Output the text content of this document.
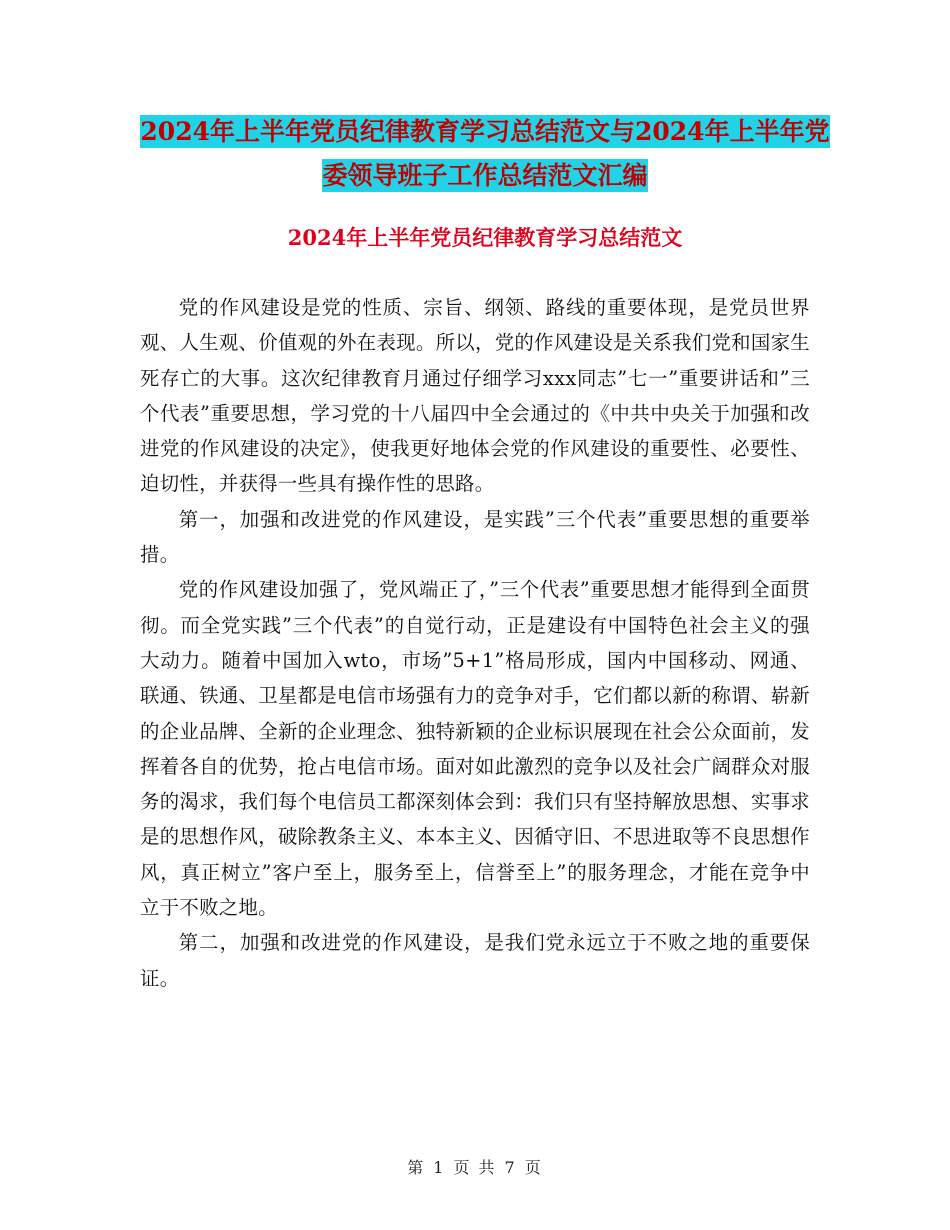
2024年上半年党员纪律教育学习总结范文与2024年上半年党委领导班子工作总结范文汇编
2024年上半年党员纪律教育学习总结范文

党的作风建设是党的性质、宗旨、纲领、路线的重要体现，是党员世界观、人生观、价值观的外在表现。所以，党的作风建设是关系我们党和国家生死存亡的大事。这次纪律教育月通过仔细学习xxx同志”七一”重要讲话和”三个代表”重要思想，学习党的十八届四中全会通过的《中共中央关于加强和改进党的作风建设的决定》，使我更好地体会党的作风建设的重要性、必要性、迫切性，并获得一些具有操作性的思路。

第一，加强和改进党的作风建设，是实践”三个代表”重要思想的重要举措。

党的作风建设加强了，党风端正了，”三个代表”重要思想才能得到全面贯彻。而全党实践”三个代表”的自觉行动，正是建设有中国特色社会主义的强大动力。随着中国加入wto，市场”5+1”格局形成，国内中国移动、网通、联通、铁通、卫星都是电信市场强有力的竞争对手，它们都以新的称谓、崭新的企业品牌、全新的企业理念、独特新颖的企业标识展现在社会公众面前，发挥着各自的优势，抢占电信市场。面对如此激烈的竞争以及社会广阔群众对服务的渴求，我们每个电信员工都深刻体会到：我们只有坚持解放思想、实事求是的思想作风，破除教条主义、本本主义、因循守旧、不思进取等不良思想作风，真正树立”客户至上，服务至上，信誉至上”的服务理念，才能在竞争中立于不败之地。

第二，加强和改进党的作风建设，是我们党永远立于不败之地的重要保证。

第 1 页 共 7 页
